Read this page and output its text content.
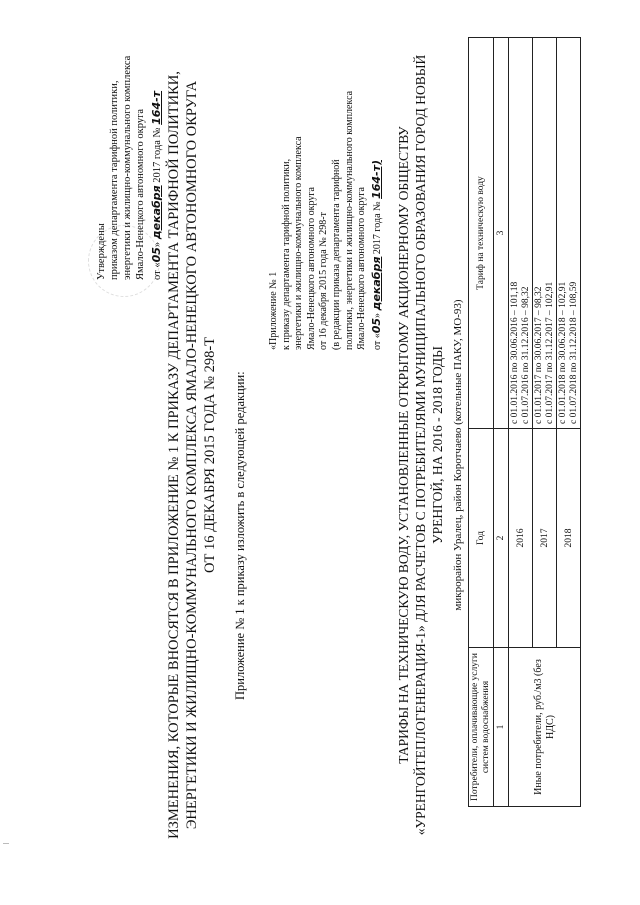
Утверждены приказом департамента тарифной политики, энергетики и жилищно-коммунального комплекса Ямало-Ненецкого автономного округа от «05» декабря 2017 года № 164-т ИЗМЕНЕНИЯ, КОТОРЫЕ ВНОСЯТСЯ В ПРИЛОЖЕНИЕ № 1 К ПРИКАЗУ ДЕПАРТАМЕНТА ТАРИФНОЙ ПОЛИТИКИ, ЭНЕРГЕТИКИ И ЖИЛИЩНО-КОММУНАЛЬНОГО КОМПЛЕКСА ЯМАЛО-НЕНЕЦКОГО АВТОНОМНОГО ОКРУГА ОТ 16 ДЕКАБРЯ 2015 ГОДА № 298-Т Приложение № 1 к приказу изложить в следующей редакции:
«Приложение № 1 к приказу департамента тарифной политики, энергетики и жилищно-коммунального комплекса Ямало-Ненецкого автономного округа от 16 декабря 2015 года № 298-т (в редакции приказа департамента тарифной политики, энергетики и жилищно-коммунального комплекса Ямало-Ненецкого автономного округа от «05» декабря 2017 года № 164-т) ТАРИФЫ НА ТЕХНИЧЕСКУЮ ВОДУ, УСТАНОВЛЕННЫЕ ОТКРЫТОМУ АКЦИОНЕРНОМУ ОБЩЕСТВУ «УРЕНГОЙТЕПЛОГЕНЕРАЦИЯ-1» ДЛЯ РАСЧЕТОВ С ПОТРЕБИТЕЛЯМИ МУНИЦИПАЛЬНОГО ОБРАЗОВАНИЯ ГОРОД НОВЫЙ УРЕНГОЙ, НА 2016 - 2018 ГОДЫ микрорайон Уралец, район Коротчаево (котельные ПАКУ, МО-93)
Потребители, оплачивающие услуги систем водоснабжения	Год	Тариф на техническую воду
1	2	3
Иные потребители, руб./м3 (без НДС)	2016	с 01.01.2016 по 30.06.2016 – 101,18 с 01.07.2016 по 31.12.2016 – 98,32

	2017	с 01.01.2017 по 30.06.2017 – 98,32 с 01.07.2017 по 31.12.2017 – 102,91

	2018	с 01.01.2018 по 30.06.2018 – 102,91 с 01.07.2018 по 31.12.2018 – 108,59
